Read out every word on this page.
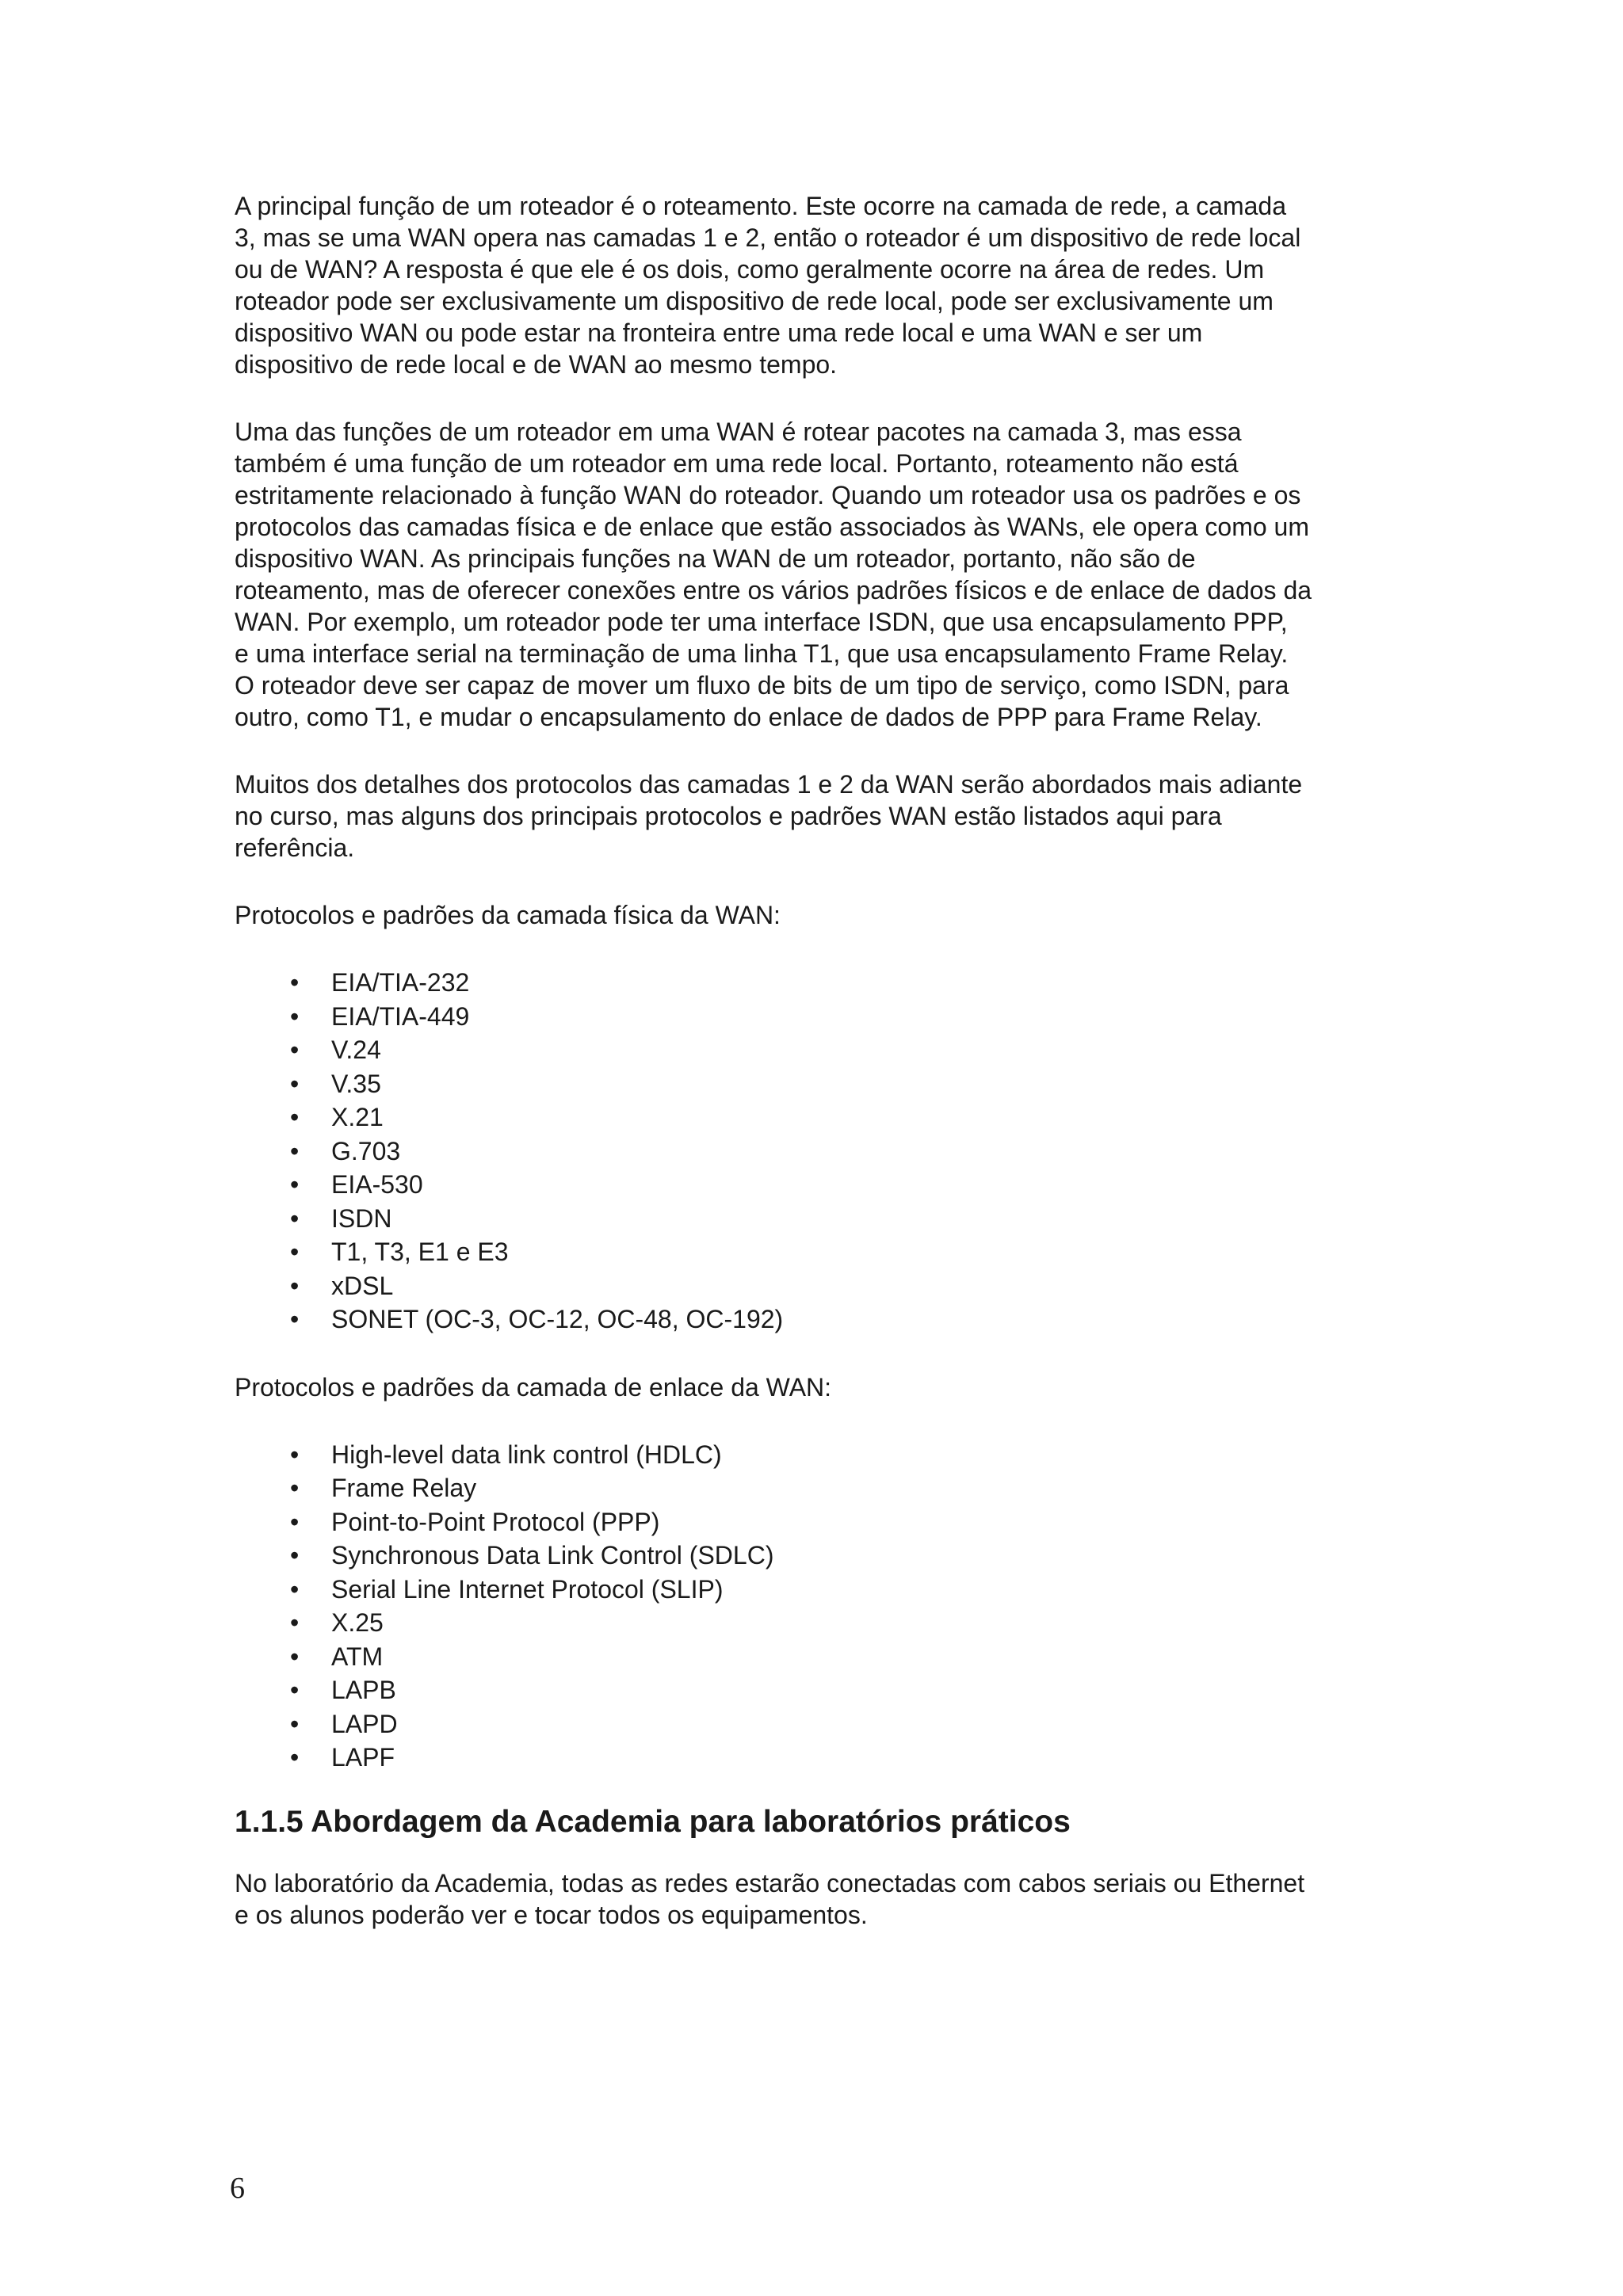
A principal função de um roteador é o roteamento. Este ocorre na camada de rede, a camada
3, mas se uma WAN opera nas camadas 1 e 2, então o roteador é um dispositivo de rede local
ou de WAN? A resposta é que ele é os dois, como geralmente ocorre na área de redes. Um
roteador pode ser exclusivamente um dispositivo de rede local, pode ser exclusivamente um
dispositivo WAN ou pode estar na fronteira entre uma rede local e uma WAN e ser um
dispositivo de rede local e de WAN ao mesmo tempo.

Uma das funções de um roteador em uma WAN é rotear pacotes na camada 3, mas essa
também é uma função de um roteador em uma rede local. Portanto, roteamento não está
estritamente relacionado à função WAN do roteador. Quando um roteador usa os padrões e os
protocolos das camadas física e de enlace que estão associados às WANs, ele opera como um
dispositivo WAN. As principais funções na WAN de um roteador, portanto, não são de
roteamento, mas de oferecer conexões entre os vários padrões físicos e de enlace de dados da
WAN. Por exemplo, um roteador pode ter uma interface ISDN, que usa encapsulamento PPP,
e uma interface serial na terminação de uma linha T1, que usa encapsulamento Frame Relay.
O roteador deve ser capaz de mover um fluxo de bits de um tipo de serviço, como ISDN, para
outro, como T1, e mudar o encapsulamento do enlace de dados de PPP para Frame Relay.

Muitos dos detalhes dos protocolos das camadas 1 e 2 da WAN serão abordados mais adiante
no curso, mas alguns dos principais protocolos e padrões WAN estão listados aqui para
referência.

Protocolos e padrões da camada física da WAN:

• EIA/TIA-232
• EIA/TIA-449
• V.24
• V.35
• X.21
• G.703
• EIA-530
• ISDN
• T1, T3, E1 e E3
• xDSL
• SONET (OC-3, OC-12, OC-48, OC-192)

Protocolos e padrões da camada de enlace da WAN:

• High-level data link control (HDLC)
• Frame Relay
• Point-to-Point Protocol (PPP)
• Synchronous Data Link Control (SDLC)
• Serial Line Internet Protocol (SLIP)
• X.25
• ATM
• LAPB
• LAPD
• LAPF
1.1.5 Abordagem da Academia para laboratórios práticos

No laboratório da Academia, todas as redes estarão conectadas com cabos seriais ou Ethernet
e os alunos poderão ver e tocar todos os equipamentos.

6
